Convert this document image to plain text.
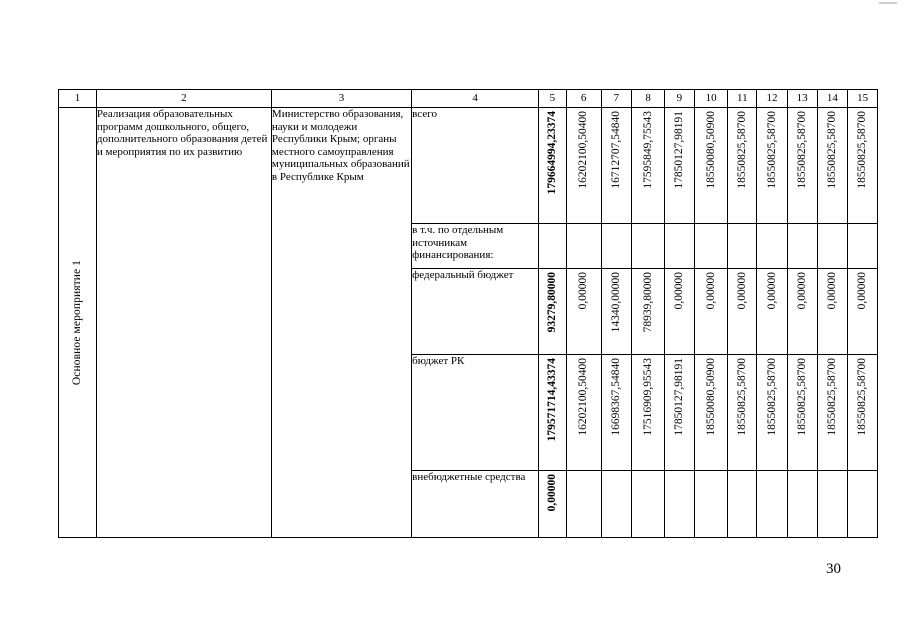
1	2	3	4	5	6	7	8	9	10	11	12	13	14	15

Основное мероприятие 1	Реализация образовательных программ дошкольного, общего, дополнительного образования детей и мероприятия по их развитию	Министерство образования, науки и молодежи Республики Крым; органы местного самоуправления муниципальных образований в Республике Крым	всего	179664994,23374	16202100,50400	16712707,54840	17595849,75543	17850127,98191	18550080,50900	18550825,58700	18550825,58700	18550825,58700	18550825,58700	18550825,58700

			в т.ч. по отдельным источникам финансирования:	

			федеральный бюджет	93279,80000	0,00000	14340,00000	78939,80000	0,00000	0,00000	0,00000	0,00000	0,00000	0,00000	0,00000

			бюджет РК	179571714,43374	16202100,50400	16698367,54840	17516909,95543	17850127,98191	18550080,50900	18550825,58700	18550825,58700	18550825,58700	18550825,58700	18550825,58700

			внебюджетные средства	0,00000										

30
